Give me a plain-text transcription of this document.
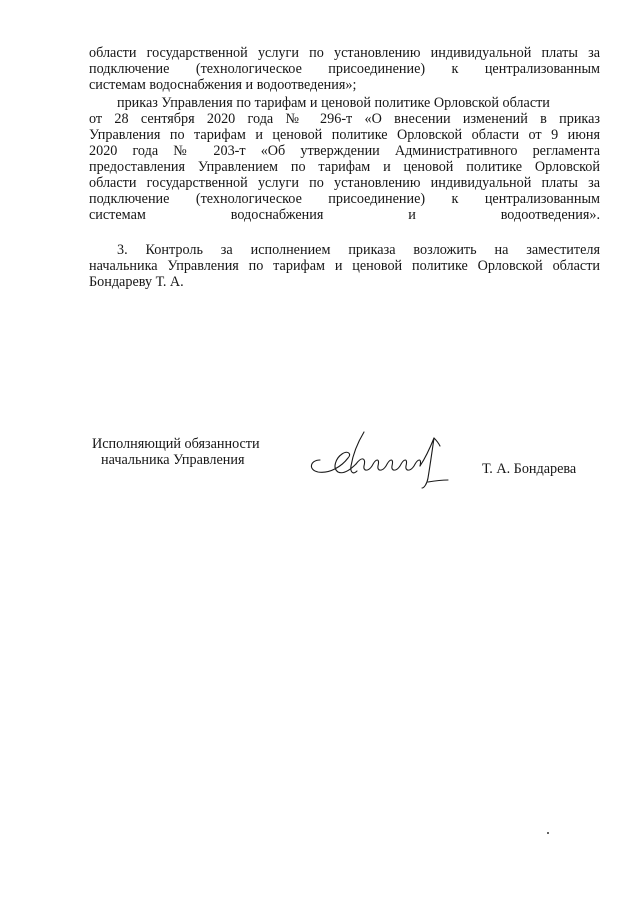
области государственной услуги по установлению индивидуальной платы за
подключение (технологическое присоединение) к централизованным
системам водоснабжения и водоотведения»;
приказ Управления по тарифам и ценовой политике Орловской области
от 28 сентября 2020 года № 296-т «О внесении изменений в приказ
Управления по тарифам и ценовой политике Орловской области от 9 июня
2020 года № 203-т «Об утверждении Административного регламента
предоставления Управлением по тарифам и ценовой политике Орловской
области государственной услуги по установлению индивидуальной платы за
подключение (технологическое присоединение) к централизованным
системам водоснабжения и водоотведения».
3. Контроль за исполнением приказа возложить на заместителя
начальника Управления по тарифам и ценовой политике Орловской области
Бондареву Т. А.
Исполняющий обязанности
начальника Управления
Т. А. Бондарева
